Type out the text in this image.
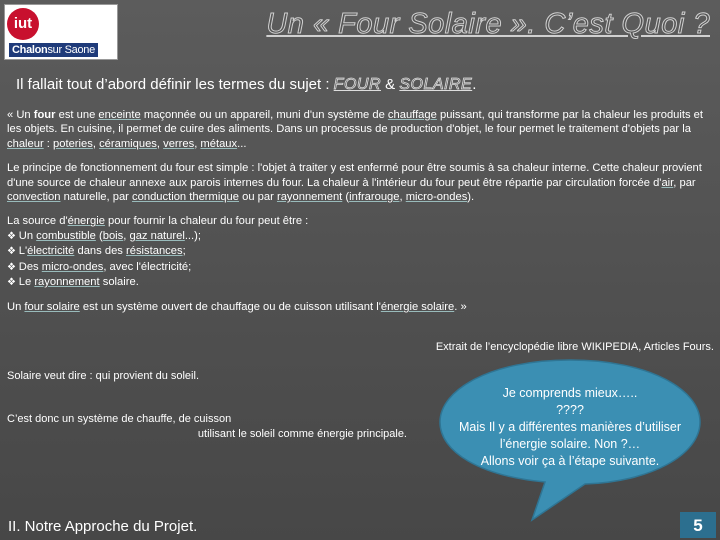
iut
Chalonsur Saone
Un « Four Solaire ». C’est Quoi ?
Il fallait tout d’abord définir les termes du sujet : FOUR & SOLAIRE.

« Un four est une enceinte maçonnée ou un appareil, muni d'un système de chauffage puissant, qui transforme par la chaleur les produits et les objets. En cuisine, il permet de cuire des aliments. Dans un processus de production d'objet, le four permet le traitement d'objets par la chaleur : poteries, céramiques, verres, métaux...

Le principe de fonctionnement du four est simple : l'objet à traiter y est enfermé pour être soumis à sa chaleur interne. Cette chaleur provient d'une source de chaleur annexe aux parois internes du four. La chaleur à l'intérieur du four peut être répartie par circulation forcée d'air, par convection naturelle, par conduction thermique ou par rayonnement (infrarouge, micro-ondes).

La source d'énergie pour fournir la chaleur du four peut être :
❖ Un combustible (bois, gaz naturel...);
❖ L'électricité dans des résistances;
❖ Des micro-ondes, avec l'électricité;
❖ Le rayonnement solaire.

Un four solaire est un système ouvert de chauffage ou de cuisson utilisant l'énergie solaire. »

Extrait de l’encyclopédie libre WIKIPEDIA, Articles Fours.
Solaire veut dire : qui provient du soleil.
C’est donc un système de chauffe, de cuisson
utilisant le soleil comme énergie principale.
Je comprends mieux…..
????
Mais Il y a différentes manières d’utiliser l’énergie solaire. Non ?…
Allons voir ça à l’étape suivante.
II. Notre Approche du Projet.	5
